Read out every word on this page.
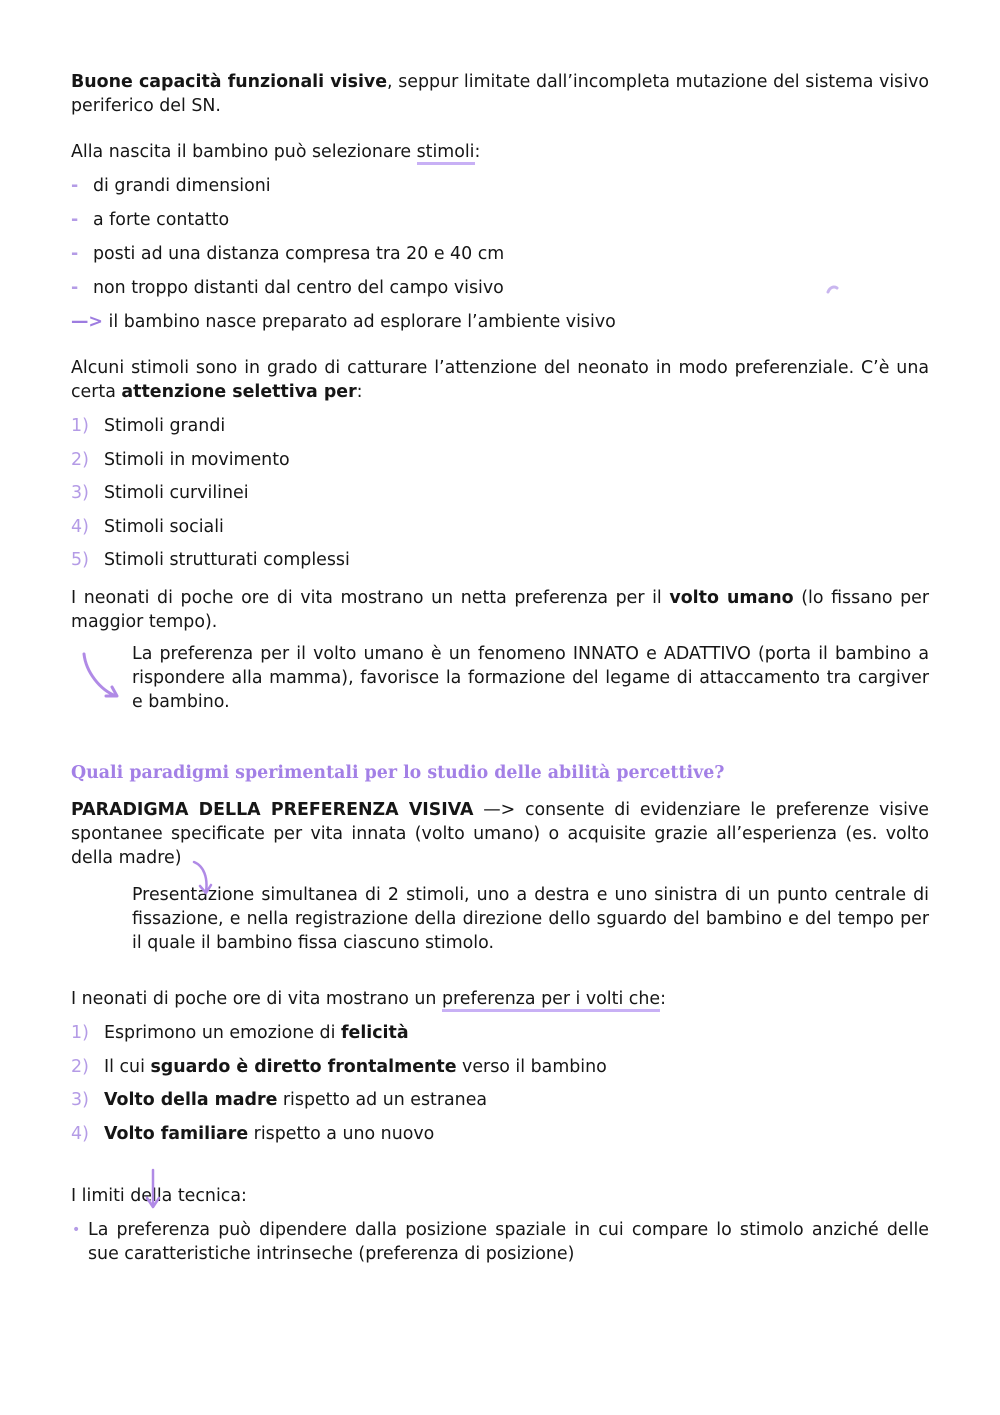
Buone capacità funzionali visive, seppur limitate dall’incompleta mutazione del sistema visivo periferico del SN.

Alla nascita il bambino può selezionare stimoli:

- di grandi dimensioni
- a forte contatto
- posti ad una distanza compresa tra 20 e 40 cm
- non troppo distanti dal centro del campo visivo

—> il bambino nasce preparato ad esplorare l’ambiente visivo

Alcuni stimoli sono in grado di catturare l’attenzione del neonato in modo preferenziale. C’è una certa attenzione selettiva per:

1) Stimoli grandi
2) Stimoli in movimento
3) Stimoli curvilinei
4) Stimoli sociali
5) Stimoli strutturati complessi

I neonati di poche ore di vita mostrano un netta preferenza per il volto umano (lo fissano per maggior tempo).

La preferenza per il volto umano è un fenomeno INNATO e ADATTIVO (porta il bambino a rispondere alla mamma), favorisce la formazione del legame di attaccamento tra cargiver e bambino.

Quali paradigmi sperimentali per lo studio delle abilità percettive?

PARADIGMA DELLA PREFERENZA VISIVA —> consente di evidenziare le preferenze visive spontanee specificate per vita innata (volto umano) o acquisite grazie all’esperienza (es. volto della madre)

Presentazione simultanea di 2 stimoli, uno a destra e uno sinistra di un punto centrale di fissazione, e nella registrazione della direzione dello sguardo del bambino e del tempo per il quale il bambino fissa ciascuno stimolo.

I neonati di poche ore di vita mostrano un preferenza per i volti che:

1) Esprimono un emozione di felicità
2) Il cui sguardo è diretto frontalmente verso il bambino
3) Volto della madre rispetto ad un estranea
4) Volto familiare rispetto a uno nuovo

I limiti della tecnica:

• La preferenza può dipendere dalla posizione spaziale in cui compare lo stimolo anziché delle sue caratteristiche intrinseche (preferenza di posizione)
